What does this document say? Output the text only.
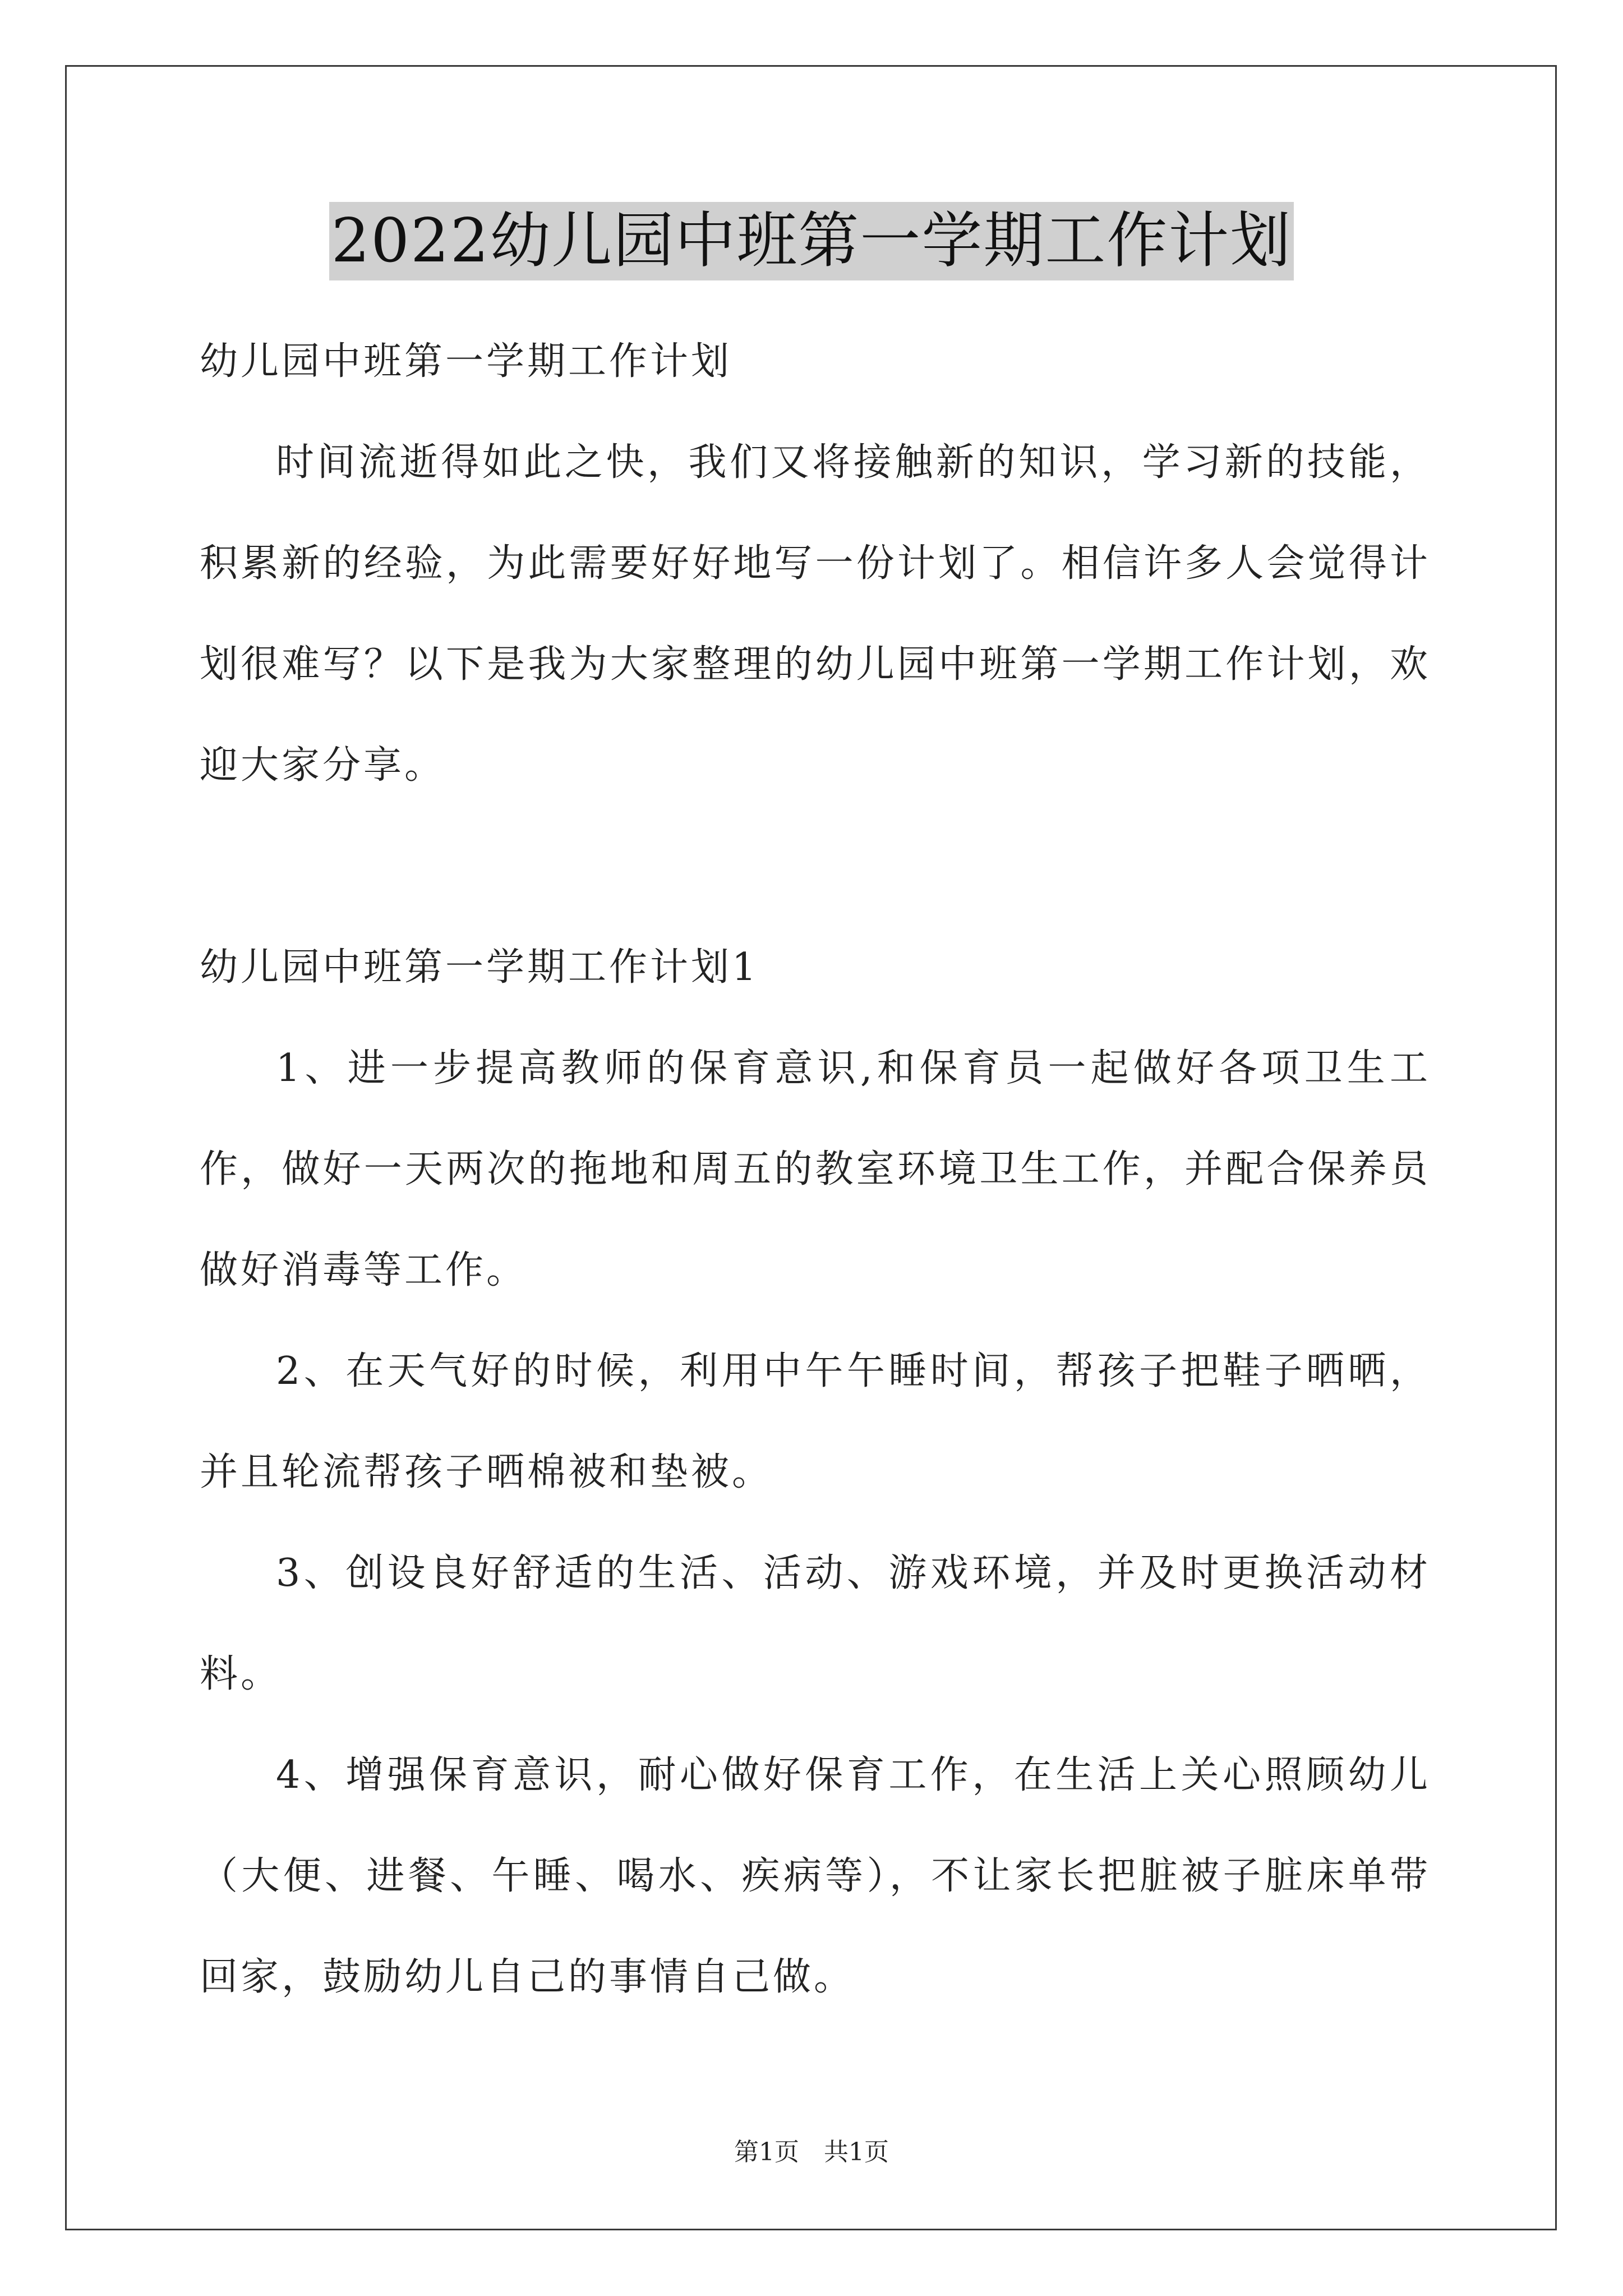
2022幼儿园中班第一学期工作计划

幼儿园中班第一学期工作计划

时间流逝得如此之快，我们又将接触新的知识，学习新的技能，积累新的经验，为此需要好好地写一份计划了。相信许多人会觉得计划很难写？以下是我为大家整理的幼儿园中班第一学期工作计划，欢迎大家分享。

幼儿园中班第一学期工作计划1

1、进一步提高教师的保育意识,和保育员一起做好各项卫生工作，做好一天两次的拖地和周五的教室环境卫生工作，并配合保养员做好消毒等工作。

2、在天气好的时候，利用中午午睡时间，帮孩子把鞋子晒晒，并且轮流帮孩子晒棉被和垫被。

3、创设良好舒适的生活、活动、游戏环境，并及时更换活动材料。

4、增强保育意识，耐心做好保育工作，在生活上关心照顾幼儿（大便、进餐、午睡、喝水、疾病等），不让家长把脏被子脏床单带回家，鼓励幼儿自己的事情自己做。

第1页　共1页
